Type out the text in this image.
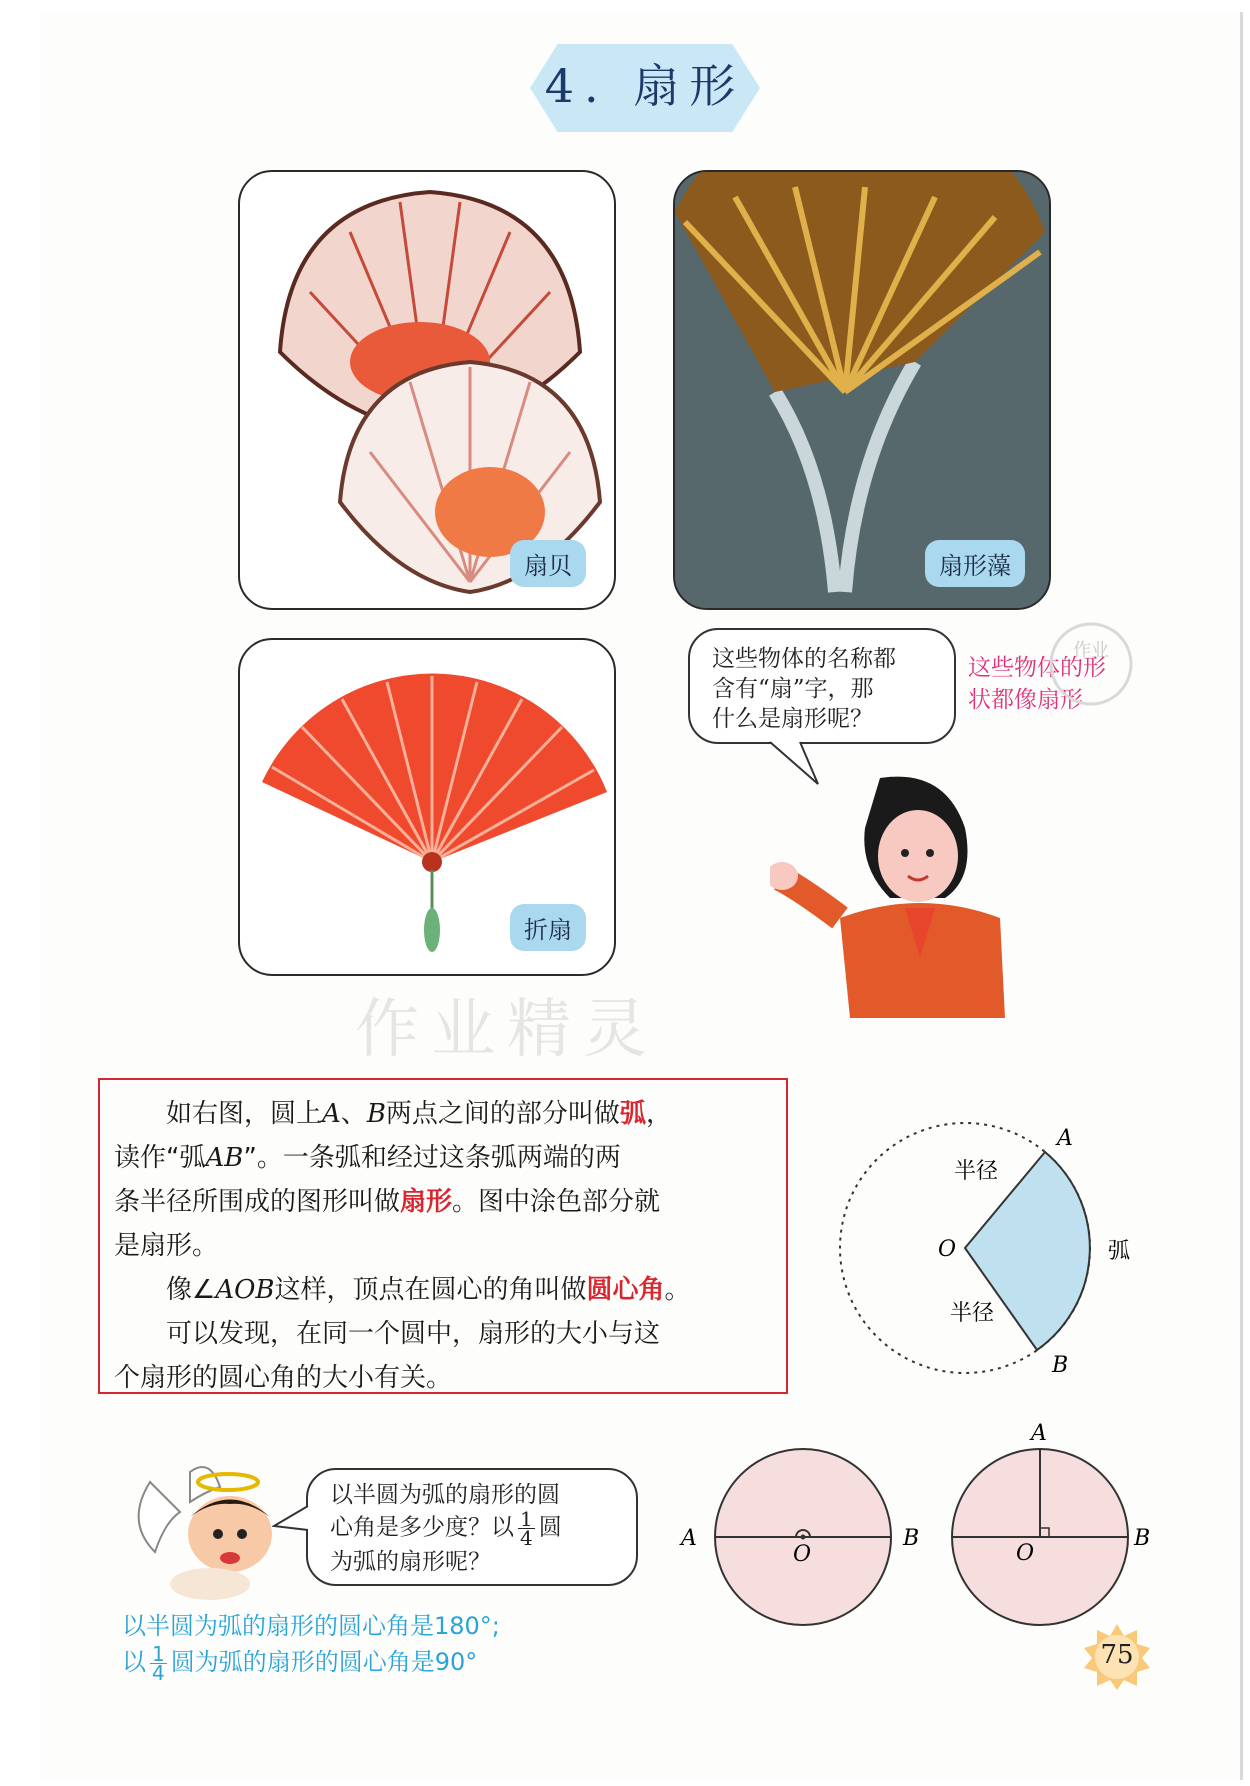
4. 扇形
扇贝	扇形藻
折扇
这些物体的名称都
含有“扇”字，那
什么是扇形呢？
这些物体的形
状都像扇形
作业
作业精灵

如右图，圆上A、B两点之间的部分叫做弧，

读作“弧AB”。一条弧和经过这条弧两端的两

条半径所围成的图形叫做扇形。图中涂色部分就

是扇形。

像∠AOB这样，顶点在圆心的角叫做圆心角。

可以发现，在同一个圆中，扇形的大小与这

个扇形的圆心角的大小有关。

A
B
O
半径
半径
弧
以半圆为弧的扇形的圆
心角是多少度？以 $\frac{1}{4}$ 圆
为弧的扇形呢？
A	B
O
A
B
O
以半圆为弧的扇形的圆心角是180°;
以 $\frac{1}{4}$ 圆为弧的扇形的圆心角是90°	75
